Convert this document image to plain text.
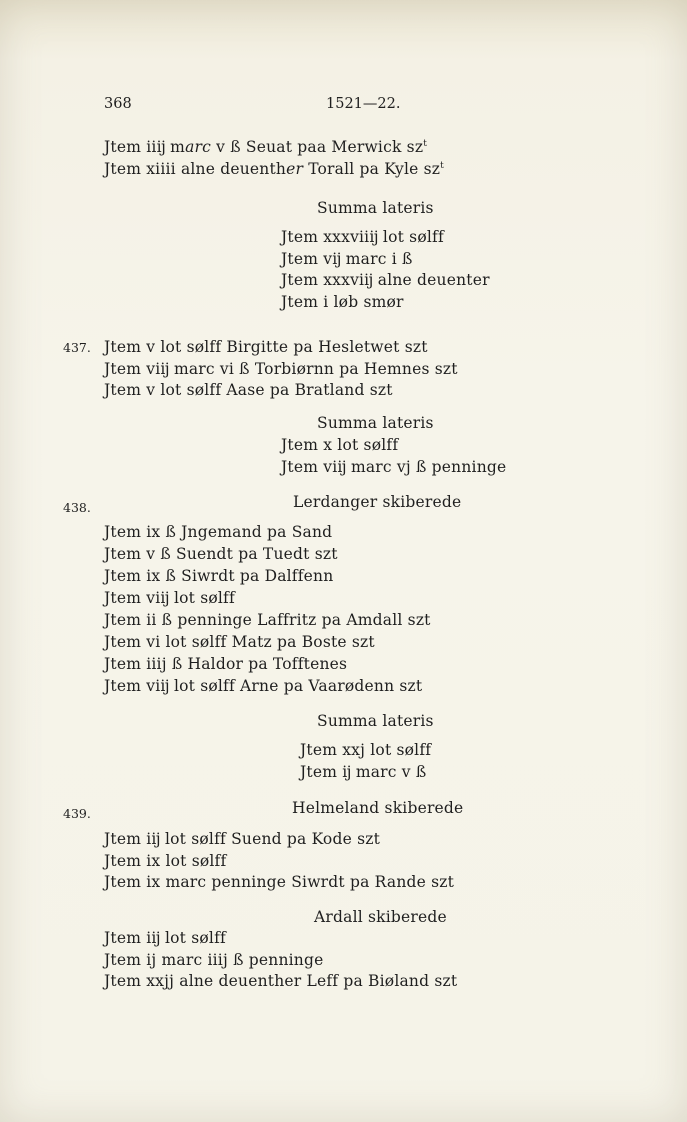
368	1521—22.
Jtem iiĳ marc v ß Seuat paa Merwick $sz^t$
Jtem xiiii alne deuenther Torall pa Kyle $sz^t$
Summa lateris
Jtem xxxviiĳ lot sølff
Jtem vĳ marc i ß
Jtem xxxviĳ alne deuenter
Jtem i løb smør
437. Jtem v lot sølff Birgitte pa Hesletwet szt
Jtem viĳ marc vi ß Torbiørnn pa Hemnes szt
Jtem v lot sølff Aase pa Bratland szt
Summa lateris
Jtem x lot sølff
Jtem viĳ marc vj ß penninge
438.	Lerdanger skiberede
Jtem ix ß Jngemand pa Sand
Jtem v ß Suendt pa Tuedt szt
Jtem ix ß Siwrdt pa Dalffenn
Jtem viĳ lot sølff
Jtem ii ß penninge Laffritz pa Amdall szt
Jtem vi lot sølff Matz pa Boste szt
Jtem iiij ß Haldor pa Tofftenes
Jtem viĳ lot sølff Arne pa Vaarødenn szt
Summa lateris
Jtem xxj lot sølff
Jtem ĳ marc v ß
439.	Helmeland skiberede
Jtem iĳ lot sølff Suend pa Kode szt
Jtem ix lot sølff
Jtem ix marc penninge Siwrdt pa Rande szt
Ardall skiberede
Jtem iĳ lot sølff
Jtem ij marc iiij ß penninge
Jtem xxjj alne deuenther Leff pa Biøland szt
